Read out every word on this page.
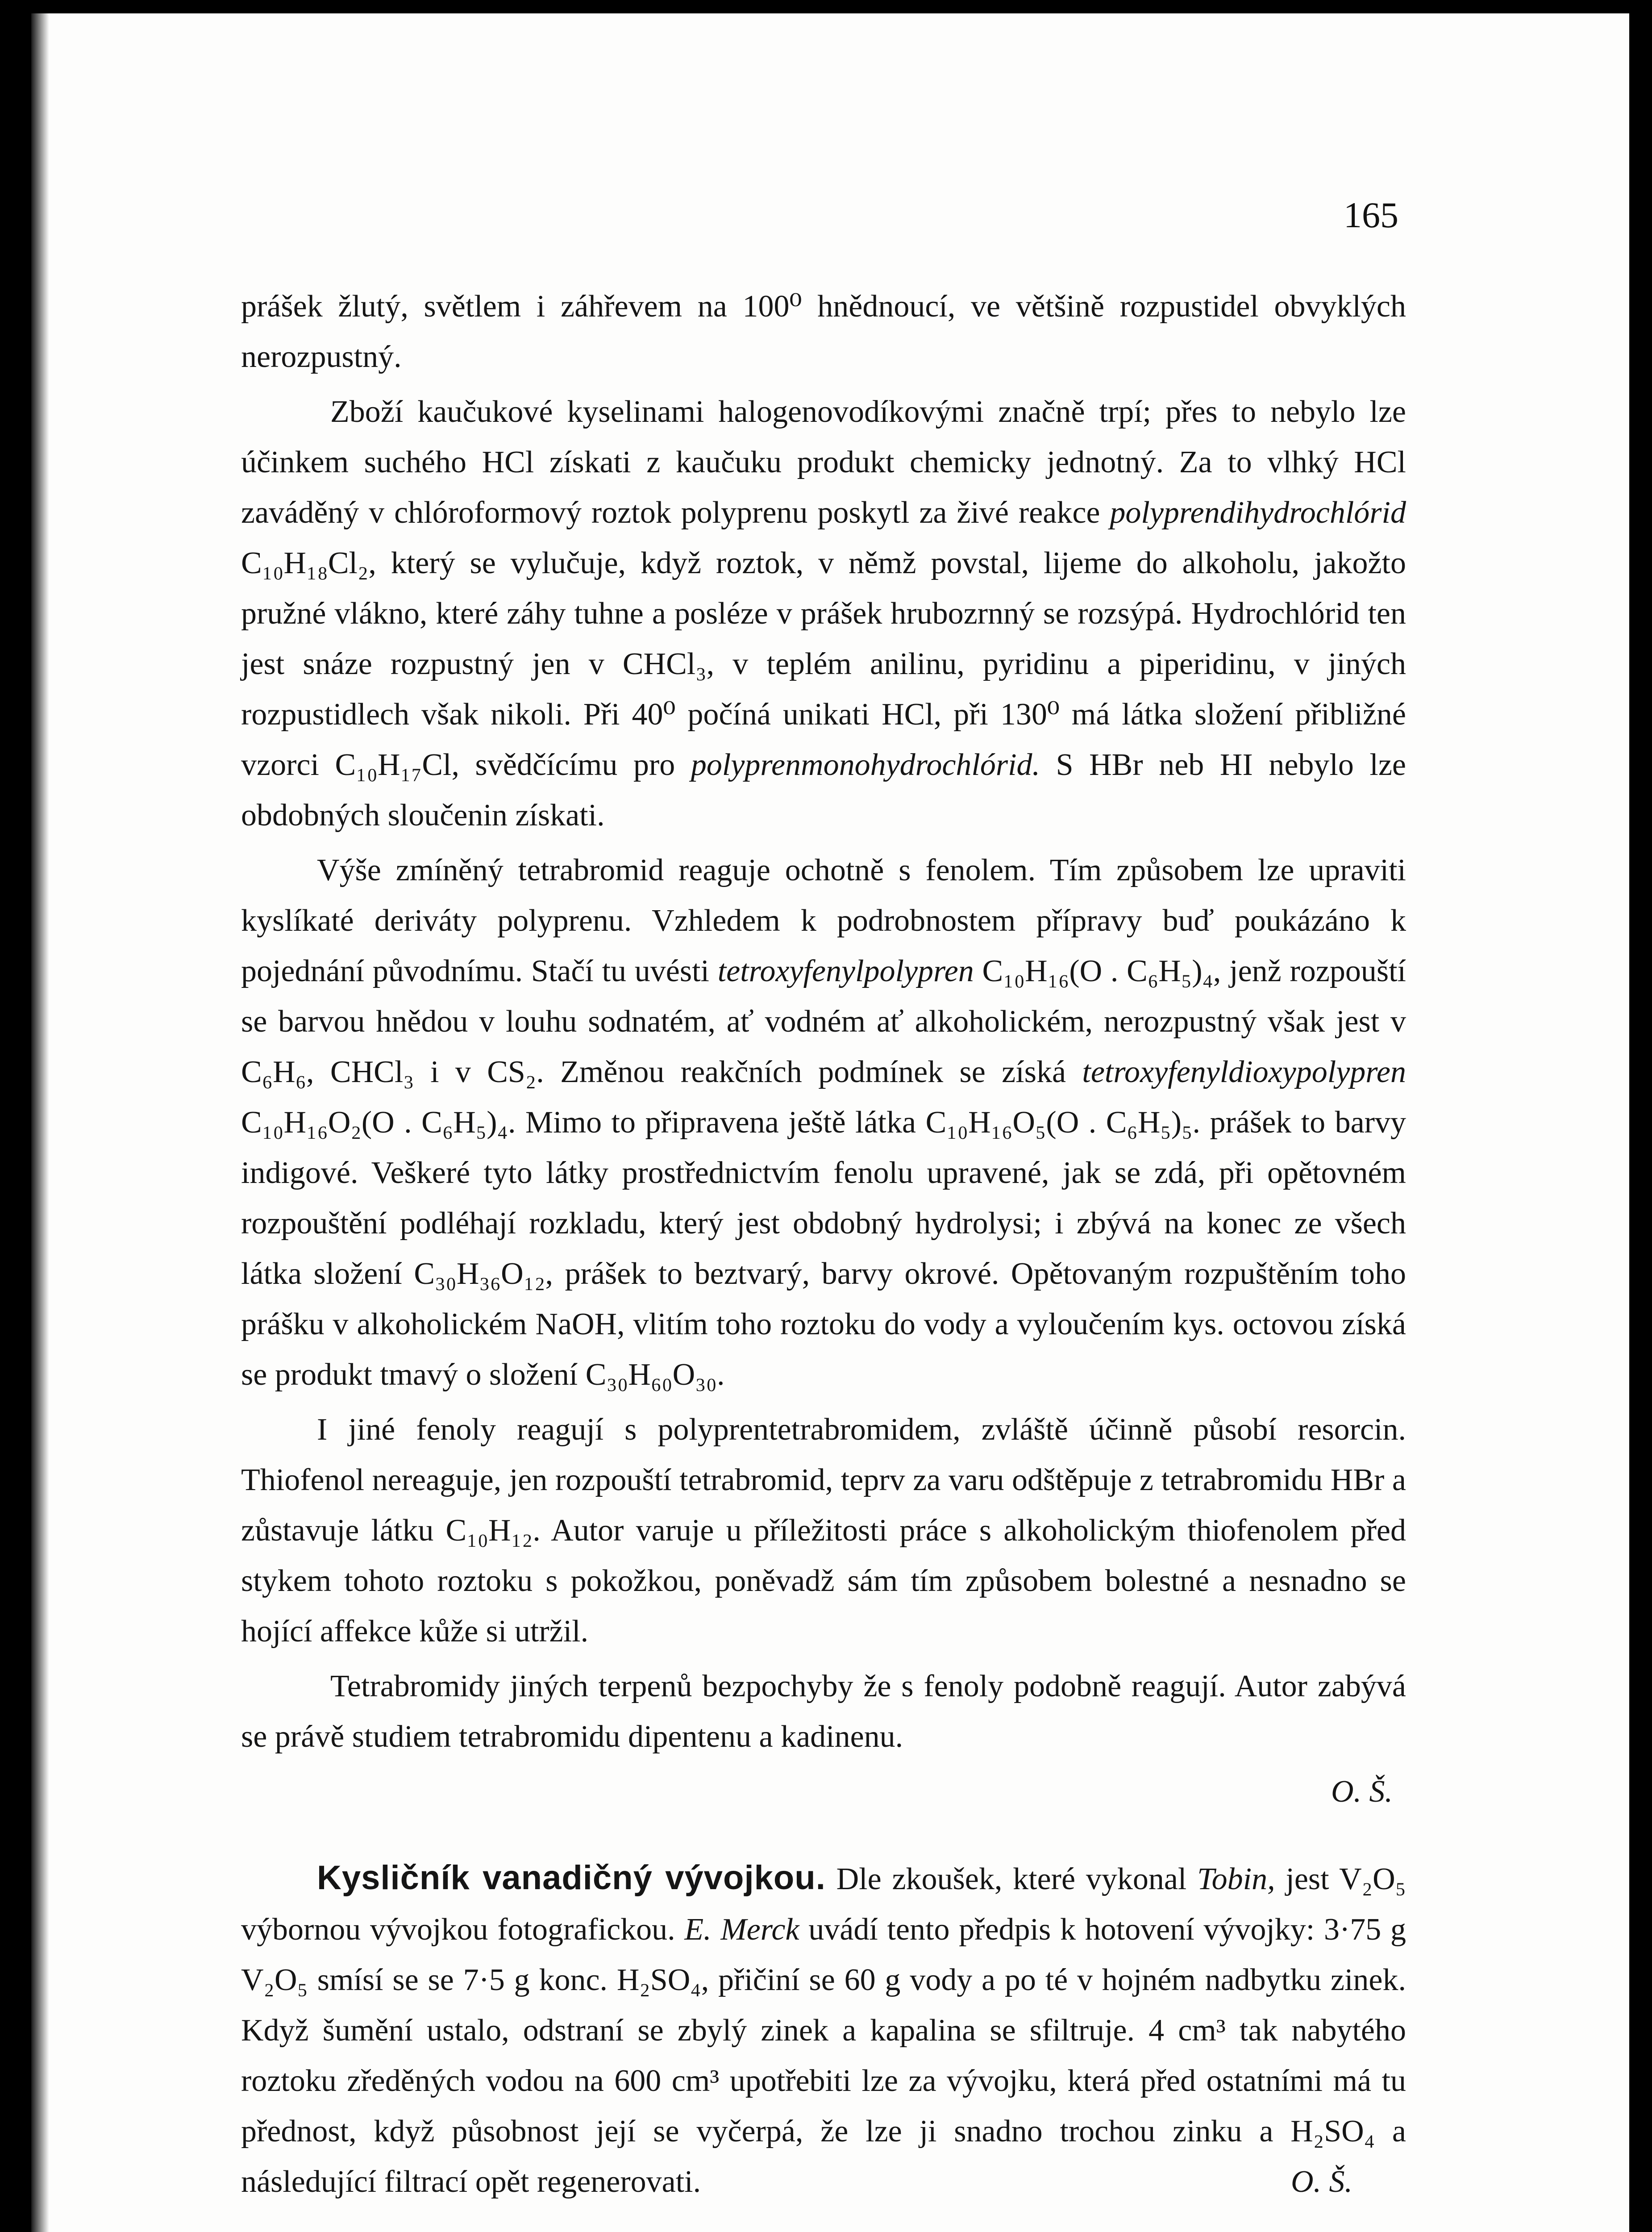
165

prášek žlutý, světlem i záhřevem na 100⁰ hnědnoucí, ve většině rozpustidel obvyklých nerozpustný.

Zboží kaučukové kyselinami halogenovodíkovými značně trpí; přes to nebylo lze účinkem suchého HCl získati z kaučuku produkt chemicky jednotný. Za to vlhký HCl zaváděný v chlóroformový roztok polyprenu poskytl za živé reakce polyprendihydrochlórid C₁₀H₁₈Cl₂, který se vylučuje, když roztok, v němž povstal, lijeme do alkoholu, jakožto pružné vlákno, které záhy tuhne a posléze v prášek hrubozrnný se rozsýpá. Hydrochlórid ten jest snáze rozpustný jen v CHCl₃, v teplém anilinu, pyridinu a piperidinu, v jiných rozpustidlech však nikoli. Při 40⁰ počíná unikati HCl, při 130⁰ má látka složení přibližné vzorci C₁₀H₁₇Cl, svědčícímu pro polyprenmonohydrochlórid. S HBr neb HI nebylo lze obdobných sloučenin získati.

Výše zmíněný tetrabromid reaguje ochotně s fenolem. Tím způsobem lze upraviti kyslíkaté deriváty polyprenu. Vzhledem k podrobnostem přípravy buď poukázáno k pojednání původnímu. Stačí tu uvésti tetroxyfenylpolypren C₁₀H₁₆(O . C₆H₅)₄, jenž rozpouští se barvou hnědou v louhu sodnatém, ať vodném ať alkoholickém, nerozpustný však jest v C₆H₆, CHCl₃ i v CS₂. Změnou reakčních podmínek se získá tetroxyfenyldioxypolypren C₁₀H₁₆O₂(O . C₆H₅)₄. Mimo to připravena ještě látka C₁₀H₁₆O₅(O . C₆H₅)₅. prášek to barvy indigové. Veškeré tyto látky prostřednictvím fenolu upravené, jak se zdá, při opětovném rozpouštění podléhají rozkladu, který jest obdobný hydrolysi; i zbývá na konec ze všech látka složení C₃₀H₃₆O₁₂, prášek to beztvarý, barvy okrové. Opětovaným rozpuštěním toho prášku v alkoholickém NaOH, vlitím toho roztoku do vody a vyloučením kys. octovou získá se produkt tmavý o složení C₃₀H₆₀O₃₀.

I jiné fenoly reagují s polyprentetrabromidem, zvláště účinně působí resorcin. Thiofenol nereaguje, jen rozpouští tetrabromid, teprv za varu odštěpuje z tetrabromidu HBr a zůstavuje látku C₁₀H₁₂. Autor varuje u příležitosti práce s alkoholickým thiofenolem před stykem tohoto roztoku s pokožkou, poněvadž sám tím způsobem bolestné a nesnadno se hojící affekce kůže si utržil.

Tetrabromidy jiných terpenů bezpochyby že s fenoly podobně reagují. Autor zabývá se právě studiem tetrabromidu dipentenu a kadinenu.

O. Š.

Kysličník vanadičný vývojkou. Dle zkoušek, které vykonal Tobin, jest V₂O₅ výbornou vývojkou fotografickou. E. Merck uvádí tento předpis k hotovení vývojky: 3·75 g V₂O₅ smísí se se 7·5 g konc. H₂SO₄, přičiní se 60 g vody a po té v hojném nadbytku zinek. Když šumění ustalo, odstraní se zbylý zinek a kapalina se sfiltruje. 4 cm³ tak nabytého roztoku zředěných vodou na 600 cm³ upotřebiti lze za vývojku, která před ostatními má tu přednost, když působnost její se vyčerpá, že lze ji snadno trochou zinku a H₂SO₄ a následující filtrací opět regenerovati.	O. Š.
